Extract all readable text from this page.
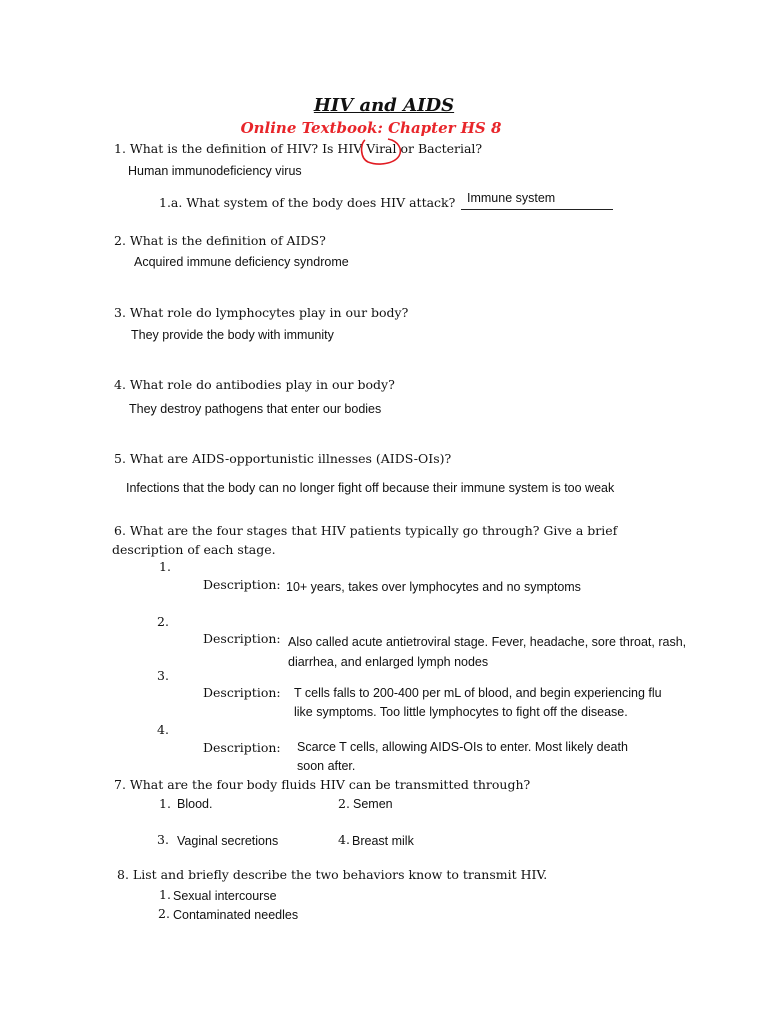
HIV and AIDS
Online Textbook: Chapter HS 8
1. What is the definition of HIV? Is HIV Viral or Bacterial?
Human immunodeficiency virus
1.a. What system of the body does HIV attack? Immune system
2. What is the definition of AIDS?
Acquired immune deficiency syndrome
3. What role do lymphocytes play in our body?
They provide the body with immunity
4. What role do antibodies play in our body?
They destroy pathogens that enter our bodies
5. What are AIDS-opportunistic illnesses (AIDS-OIs)?
Infections that the body can no longer fight off because their immune system is too weak
6. What are the four stages that HIV patients typically go through? Give a brief
description of each stage.
1.
Description: 10+ years, takes over lymphocytes and no symptoms
2.
Description: Also called acute antietroviral stage. Fever, headache, sore throat, rash,
diarrhea, and enlarged lymph nodes
3.
Description: T cells falls to 200-400 per mL of blood, and begin experiencing flu
like symptoms. Too little lymphocytes to fight off the disease.
4.
Description: Scarce T cells, allowing AIDS-OIs to enter. Most likely death
soon after.
7. What are the four body fluids HIV can be transmitted through?
1. Blood.	2. Semen
3. Vaginal secretions	4. Breast milk
8. List and briefly describe the two behaviors know to transmit HIV.
1. Sexual intercourse
2. Contaminated needles
